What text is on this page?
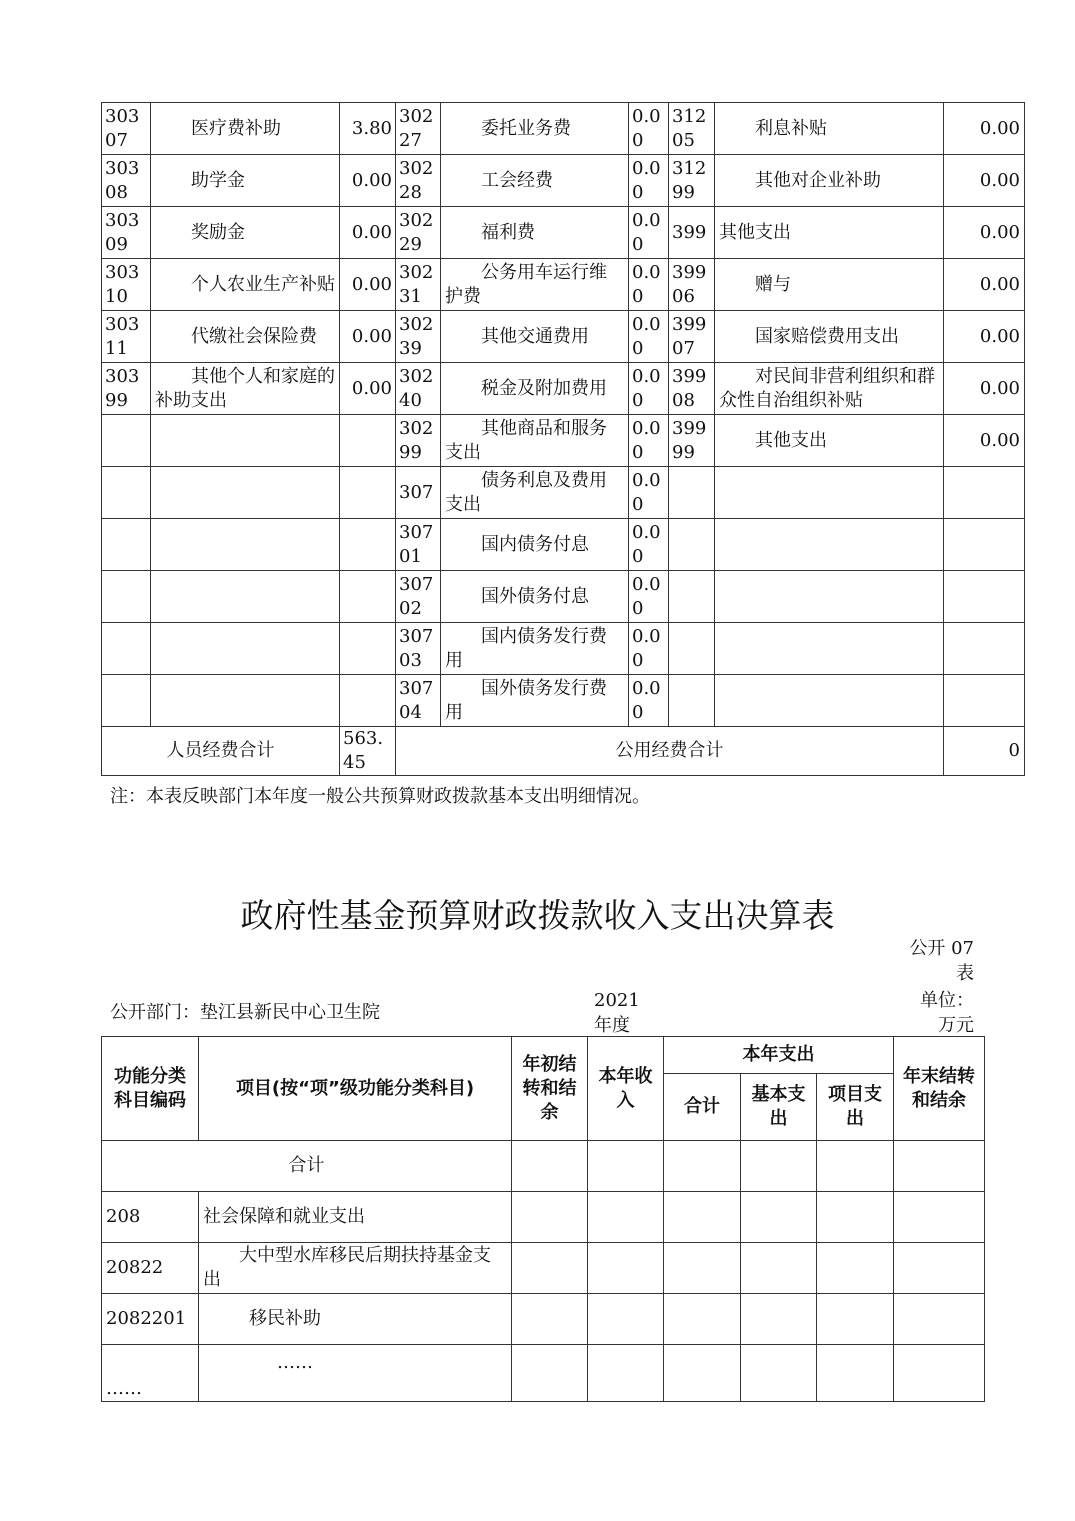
30307	医疗费补助	3.80	30227	委托业务费	0.00	31205	利息补贴	0.00
30308	助学金	0.00	30228	工会经费	0.00	31299	其他对企业补助	0.00
30309	奖励金	0.00	30229	福利费	0.00	399	其他支出	0.00
30310	个人农业生产补贴	0.00	30231	公务用车运行维护费	0.00	39906	赠与	0.00
30311	代缴社会保险费	0.00	30239	其他交通费用	0.00	39907	国家赔偿费用支出	0.00
30399	其他个人和家庭的补助支出	0.00	30240	税金及附加费用	0.00	39908	对民间非营利组织和群众性自治组织补贴	0.00
			30299	其他商品和服务支出	0.00	39999	其他支出	0.00
			307	债务利息及费用支出	0.00			
			30701	国内债务付息	0.00			
			30702	国外债务付息	0.00			
			30703	国内债务发行费用	0.00			
			30704	国外债务发行费用	0.00			
人员经费合计		563.45	公用经费合计					0
注：本表反映部门本年度一般公共预算财政拨款基本支出明细情况。
政府性基金预算财政拨款收入支出决算表
公开 07 表
公开部门：垫江县新民中心卫生院
2021 年度
单位：万元
功能分类科目编码	项目(按“项”级功能分类科目)	年初结转和结余	本年收入	本年支出			年末结转和结余
				合计	基本支出	项目支出	
合计							
208	社会保障和就业支出						
20822	大中型水库移民后期扶持基金支出						
2082201	移民补助						
……	……						
